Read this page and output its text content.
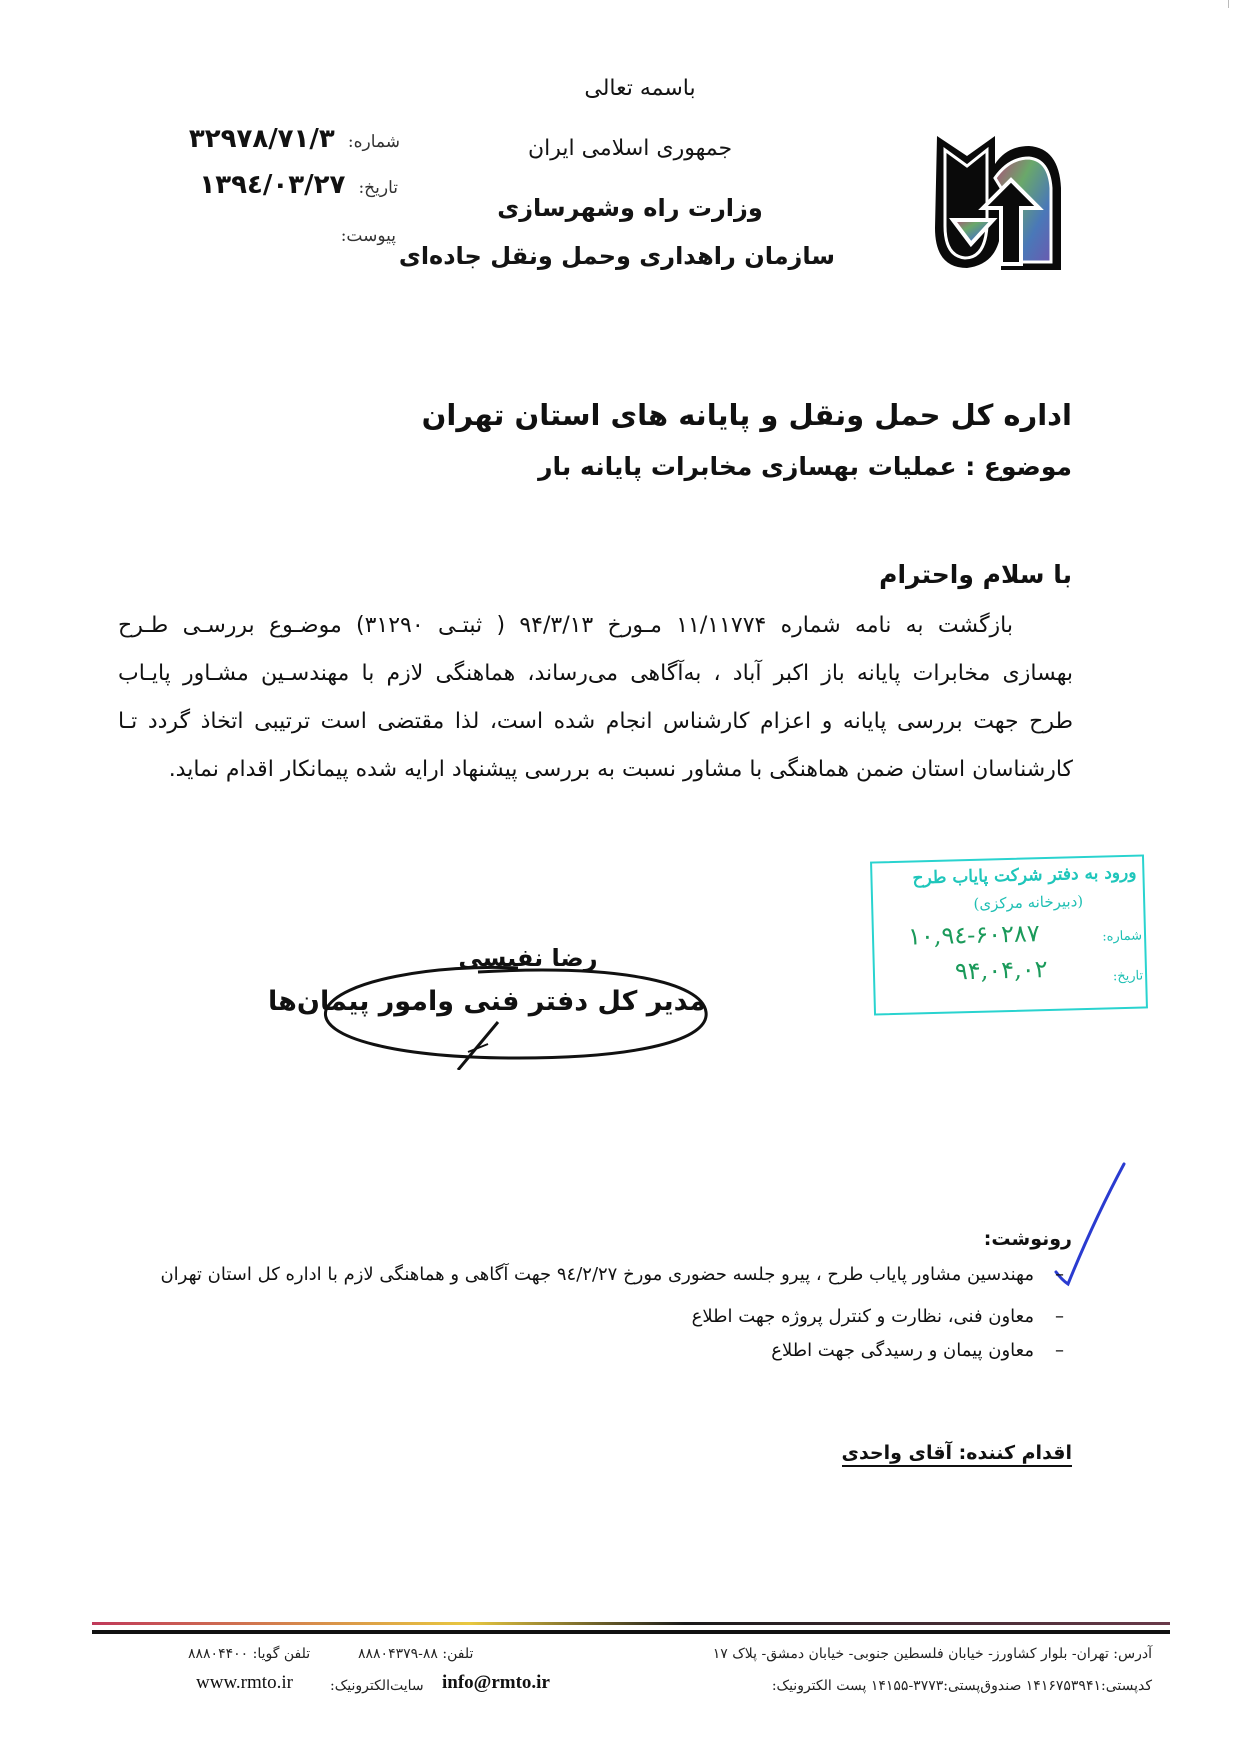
باسمه تعالی
جمهوری اسلامی ایران
وزارت راه وشهرسازی
سازمان راهداری وحمل ونقل جاده‌ای
شماره: ۳۲۹۷۸/۷۱/۳
تاریخ: ۱۳۹٤/۰۳/۲۷
پیوست:
اداره کل حمل ونقل و پایانه های استان تهران
موضوع : عملیات بهسازی مخابرات پایانه بار
با سلام واحترام
بازگشت به نامه شماره ۱۱/۱۱۷۷۴ مـورخ ۹۴/۳/۱۳ ( ثبتـی ۳۱۲۹۰) موضـوع بررسـی طـرح
بهسازی مخابرات پایانه باز اکبر آباد ، به‌آگاهی می‌رساند، هماهنگی لازم با مهندسـین مشـاور پایـاب
طرح جهت بررسی پایانه و اعزام کارشناس انجام شده است، لذا مقتضی است ترتیبی اتخاذ گردد تـا
کارشناسان استان ضمن هماهنگی با مشاور نسبت به بررسی پیشنهاد ارایه شده پیمانکار اقدام نماید.
ورود به دفتر شرکت پایاب طرح
(دبیرخانه مرکزی)
۱۰,۹٤-۶۰۲۸۷	شماره:
۹۴,۰۴,۰۲	تاریخ:
رضا نفیسی
مدیر کل دفتر فنی وامور پیمان‌ها
رونوشت:
–
مهندسین مشاور پایاب طرح ، پیرو جلسه حضوری مورخ ۹٤/۲/۲۷ جهت آگاهی و هماهنگی لازم با اداره کل استان تهران
–
معاون فنی، نظارت و کنترل پروژه جهت اطلاع
–
معاون پیمان و رسیدگی جهت اطلاع
اقدام کننده: آقای واحدی
آدرس: تهران- بلوار کشاورز- خیابان فلسطین جنوبی- خیابان دمشق- پلاک ۱۷
تلفن: ۸۸-۸۸۸۰۴۳۷۹
تلفن گویا: ۸۸۸۰۴۴۰۰
کدپستی:۱۴۱۶۷۵۳۹۴۱ صندوق‌پستی:۳۷۷۳-۱۴۱۵۵ پست الکترونیک:
info@rmto.ir
سایت‌الکترونیک:
www.rmto.ir
